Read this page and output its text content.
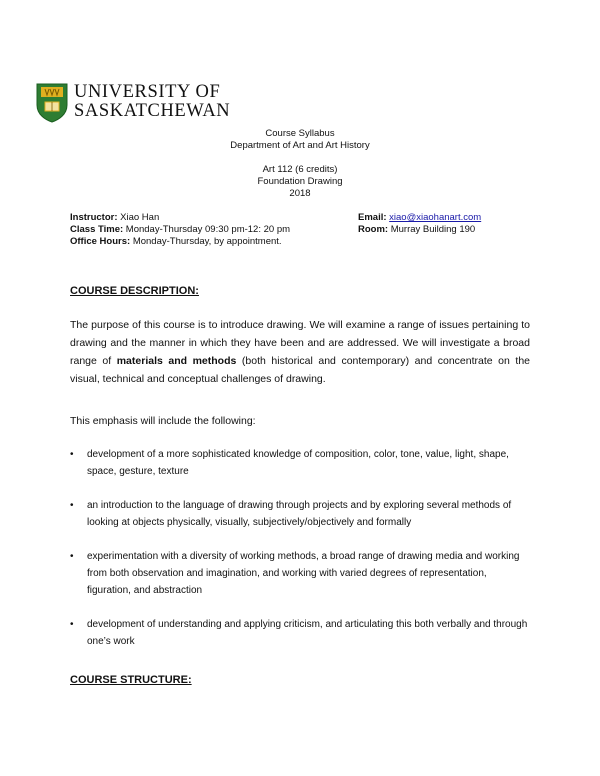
UNIVERSITY OF
SASKATCHEWAN
Course Syllabus
Department of Art and Art History
Art 112 (6 credits)
Foundation Drawing
2018
Instructor: Xiao Han
Class Time: Monday-Thursday 09:30 pm-12: 20 pm
Office Hours: Monday-Thursday, by appointment.
Email: xiao@xiaohanart.com
Room: Murray Building 190
COURSE DESCRIPTION:
The purpose of this course is to introduce drawing. We will examine a range of issues pertaining to drawing and the manner in which they have been and are addressed. We will investigate a broad range of materials and methods (both historical and contemporary) and concentrate on the visual, technical and conceptual challenges of drawing.
This emphasis will include the following:
• development of a more sophisticated knowledge of composition, color, tone, value, light, shape, space, gesture, texture
• an introduction to the language of drawing through projects and by exploring several methods of looking at objects physically, visually, subjectively/objectively and formally
• experimentation with a diversity of working methods, a broad range of drawing media and working from both observation and imagination, and working with varied degrees of representation, figuration, and abstraction
• development of understanding and applying criticism, and articulating this both verbally and through one’s work
COURSE STRUCTURE:
